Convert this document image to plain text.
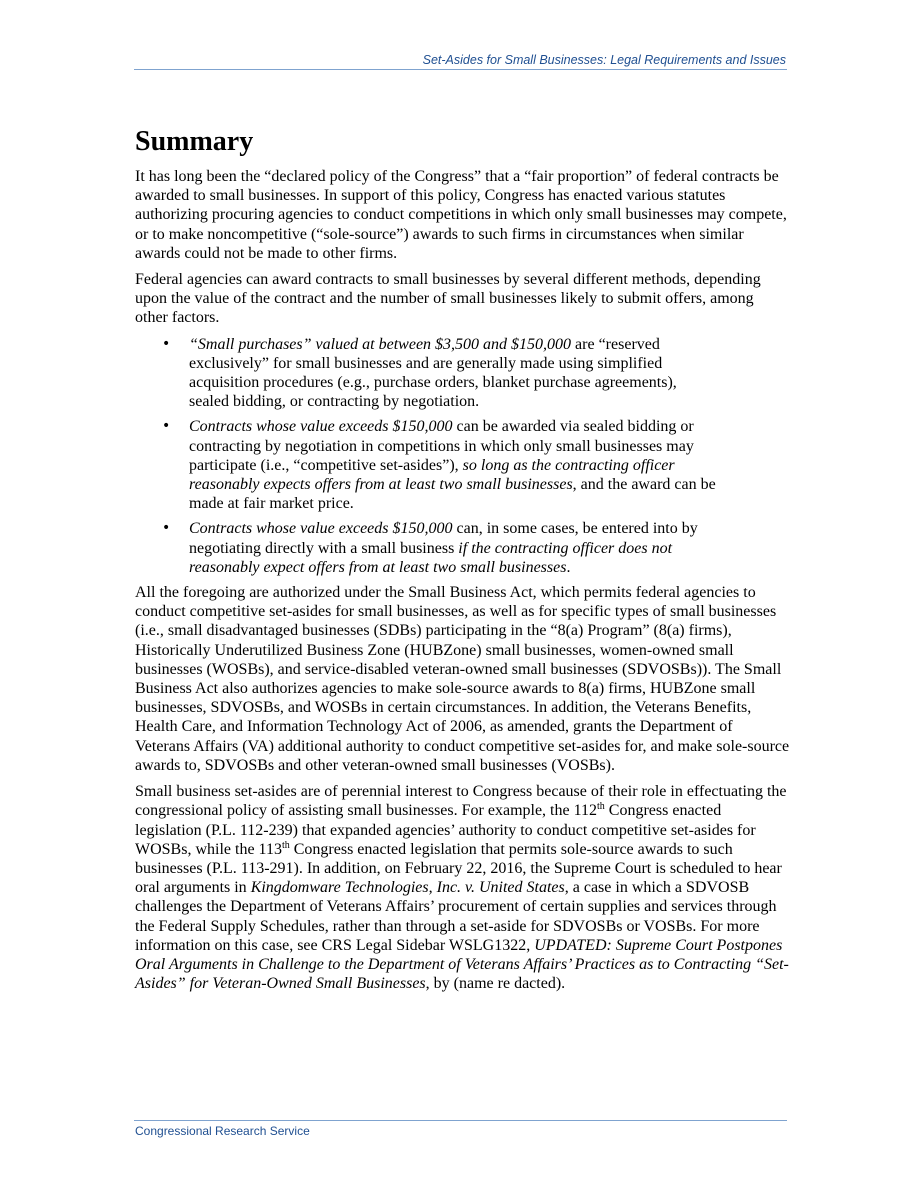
Set-Asides for Small Businesses: Legal Requirements and Issues
Summary

It has long been the “declared policy of the Congress” that a “fair proportion” of federal contracts be awarded to small businesses. In support of this policy, Congress has enacted various statutes authorizing procuring agencies to conduct competitions in which only small businesses may compete, or to make noncompetitive (“sole-source”) awards to such firms in circumstances when similar awards could not be made to other firms.

Federal agencies can award contracts to small businesses by several different methods, depending upon the value of the contract and the number of small businesses likely to submit offers, among other factors.

• “Small purchases” valued at between $3,500 and $150,000 are “reserved exclusively” for small businesses and are generally made using simplified acquisition procedures (e.g., purchase orders, blanket purchase agreements), sealed bidding, or contracting by negotiation.
• Contracts whose value exceeds $150,000 can be awarded via sealed bidding or contracting by negotiation in competitions in which only small businesses may participate (i.e., “competitive set-asides”), so long as the contracting officer reasonably expects offers from at least two small businesses, and the award can be made at fair market price.
• Contracts whose value exceeds $150,000 can, in some cases, be entered into by negotiating directly with a small business if the contracting officer does not reasonably expect offers from at least two small businesses.

All the foregoing are authorized under the Small Business Act, which permits federal agencies to conduct competitive set-asides for small businesses, as well as for specific types of small businesses (i.e., small disadvantaged businesses (SDBs) participating in the “8(a) Program” (8(a) firms), Historically Underutilized Business Zone (HUBZone) small businesses, women-owned small businesses (WOSBs), and service-disabled veteran-owned small businesses (SDVOSBs)). The Small Business Act also authorizes agencies to make sole-source awards to 8(a) firms, HUBZone small businesses, SDVOSBs, and WOSBs in certain circumstances. In addition, the Veterans Benefits, Health Care, and Information Technology Act of 2006, as amended, grants the Department of Veterans Affairs (VA) additional authority to conduct competitive set-asides for, and make sole-source awards to, SDVOSBs and other veteran-owned small businesses (VOSBs).

Small business set-asides are of perennial interest to Congress because of their role in effectuating the congressional policy of assisting small businesses. For example, the 112th Congress enacted legislation (P.L. 112-239) that expanded agencies’ authority to conduct competitive set-asides for WOSBs, while the 113th Congress enacted legislation that permits sole-source awards to such businesses (P.L. 113-291). In addition, on February 22, 2016, the Supreme Court is scheduled to hear oral arguments in Kingdomware Technologies, Inc. v. United States, a case in which a SDVOSB challenges the Department of Veterans Affairs’ procurement of certain supplies and services through the Federal Supply Schedules, rather than through a set-aside for SDVOSBs or VOSBs. For more information on this case, see CRS Legal Sidebar WSLG1322, UPDATED: Supreme Court Postpones Oral Arguments in Challenge to the Department of Veterans Affairs’ Practices as to Contracting “Set-Asides” for Veteran-Owned Small Businesses, by (name re dacted).

Congressional Research Service
